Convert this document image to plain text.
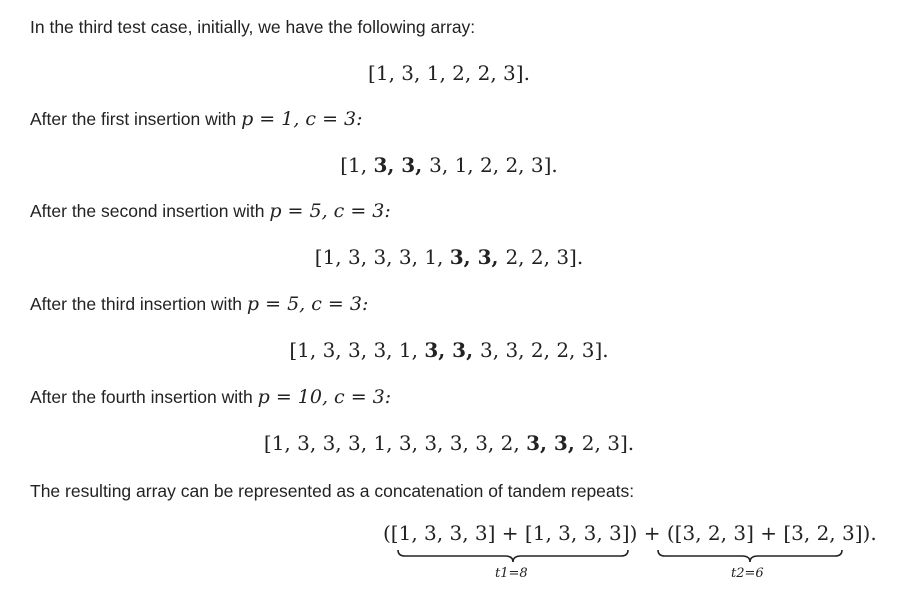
In the third test case, initially, we have the following array:
[1, 3, 1, 2, 2, 3].
After the first insertion with p = 1, c = 3:
[1, 3, 3, 3, 1, 2, 2, 3].
After the second insertion with p = 5, c = 3:
[1, 3, 3, 3, 1, 3, 3, 2, 2, 3].
After the third insertion with p = 5, c = 3:
[1, 3, 3, 3, 1, 3, 3, 3, 3, 2, 2, 3].
After the fourth insertion with p = 10, c = 3:
[1, 3, 3, 3, 1, 3, 3, 3, 3, 2, 3, 3, 2, 3].
The resulting array can be represented as a concatenation of tandem repeats:
([1, 3, 3, 3] + [1, 3, 3, 3]) + ([3, 2, 3] + [3, 2, 3]).
t1=8	t2=6
